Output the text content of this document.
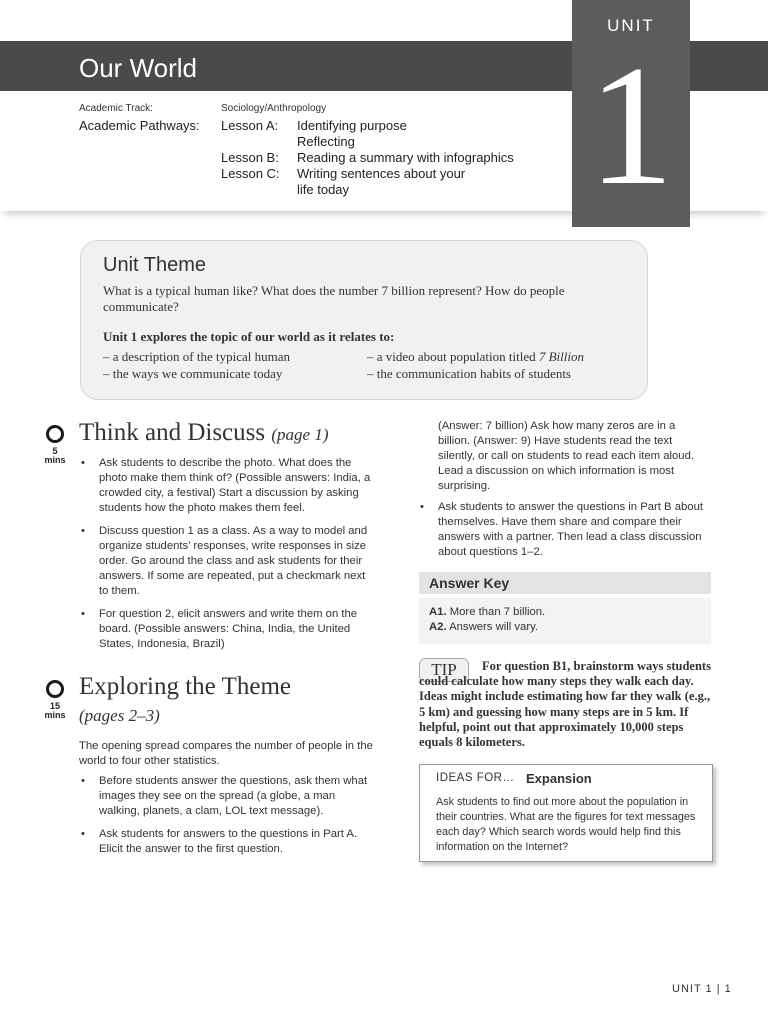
Our World
UNIT
1
Academic Track:	Sociology/Anthropology
Academic Pathways: Lesson A: Identifying purpose
Reflecting
Lesson B: Reading a summary with infographics
Lesson C: Writing sentences about your
life today
Unit Theme
What is a typical human like? What does the number 7 billion represent? How do people communicate?
Unit 1 explores the topic of our world as it relates to:
– a description of the typical human
– the ways we communicate today
– a video about population titled 7 Billion
– the communication habits of students
5
mins
Think and Discuss (page 1)
• Ask students to describe the photo. What does the photo make them think of? (Possible answers: India, a crowded city, a festival) Start a discussion by asking students how the photo makes them feel.
• Discuss question 1 as a class. As a way to model and organize students’ responses, write responses in size order. Go around the class and ask students for their answers. If some are repeated, put a checkmark next to them.
• For question 2, elicit answers and write them on the board. (Possible answers: China, India, the United States, Indonesia, Brazil)
15
mins
Exploring the Theme
(pages 2–3)
The opening spread compares the number of people in the world to four other statistics.
• Before students answer the questions, ask them what images they see on the spread (a globe, a man walking, planets, a clam, LOL text message).
• Ask students for answers to the questions in Part A. Elicit the answer to the first question.
(Answer: 7 billion) Ask how many zeros are in a billion. (Answer: 9) Have students read the text silently, or call on students to read each item aloud. Lead a discussion on which information is most surprising.
• Ask students to answer the questions in Part B about themselves. Have them share and compare their answers with a partner. Then lead a class discussion about questions 1–2.
Answer Key
A1. More than 7 billion.
A2. Answers will vary.
TIP	For question B1, brainstorm ways students could calculate how many steps they walk each day. Ideas might include estimating how far they walk (e.g., 5 km) and guessing how many steps are in 5 km. If helpful, point out that approximately 10,000 steps equals 8 kilometers.
IDEAS FOR… Expansion
Ask students to find out more about the population in their countries. What are the figures for text messages each day? Which search words would help find this information on the Internet?
UNIT 1 | 1
